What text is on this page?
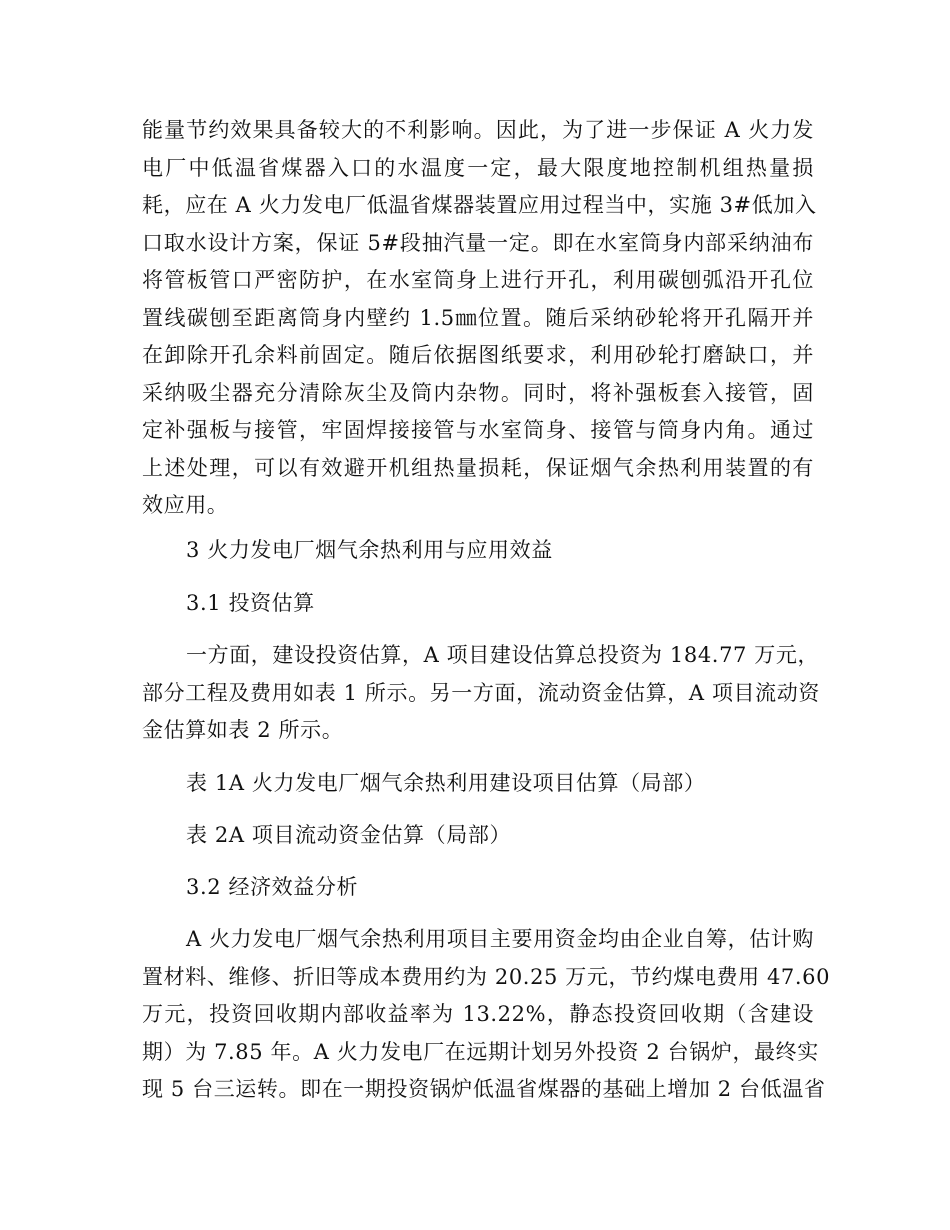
能量节约效果具备较大的不利影响。因此，为了进一步保证 A 火力发
电厂中低温省煤器入口的水温度一定，最大限度地控制机组热量损
耗，应在 A 火力发电厂低温省煤器装置应用过程当中，实施 3#低加入
口取水设计方案，保证 5#段抽汽量一定。即在水室筒身内部采纳油布
将管板管口严密防护，在水室筒身上进行开孔，利用碳刨弧沿开孔位
置线碳刨至距离筒身内壁约 1.5㎜位置。随后采纳砂轮将开孔隔开并
在卸除开孔余料前固定。随后依据图纸要求，利用砂轮打磨缺口，并
采纳吸尘器充分清除灰尘及筒内杂物。同时，将补强板套入接管，固
定补强板与接管，牢固焊接接管与水室筒身、接管与筒身内角。通过
上述处理，可以有效避开机组热量损耗，保证烟气余热利用装置的有
效应用。

3 火力发电厂烟气余热利用与应用效益

3.1 投资估算

一方面，建设投资估算，A 项目建设估算总投资为 184.77 万元，
部分工程及费用如表 1 所示。另一方面，流动资金估算，A 项目流动资
金估算如表 2 所示。

表 1A 火力发电厂烟气余热利用建设项目估算（局部）

表 2A 项目流动资金估算（局部）

3.2 经济效益分析

A 火力发电厂烟气余热利用项目主要用资金均由企业自筹，估计购
置材料、维修、折旧等成本费用约为 20.25 万元，节约煤电费用 47.60
万元，投资回收期内部收益率为 13.22%，静态投资回收期（含建设
期）为 7.85 年。A 火力发电厂在远期计划另外投资 2 台锅炉，最终实
现 5 台三运转。即在一期投资锅炉低温省煤器的基础上增加 2 台低温省
